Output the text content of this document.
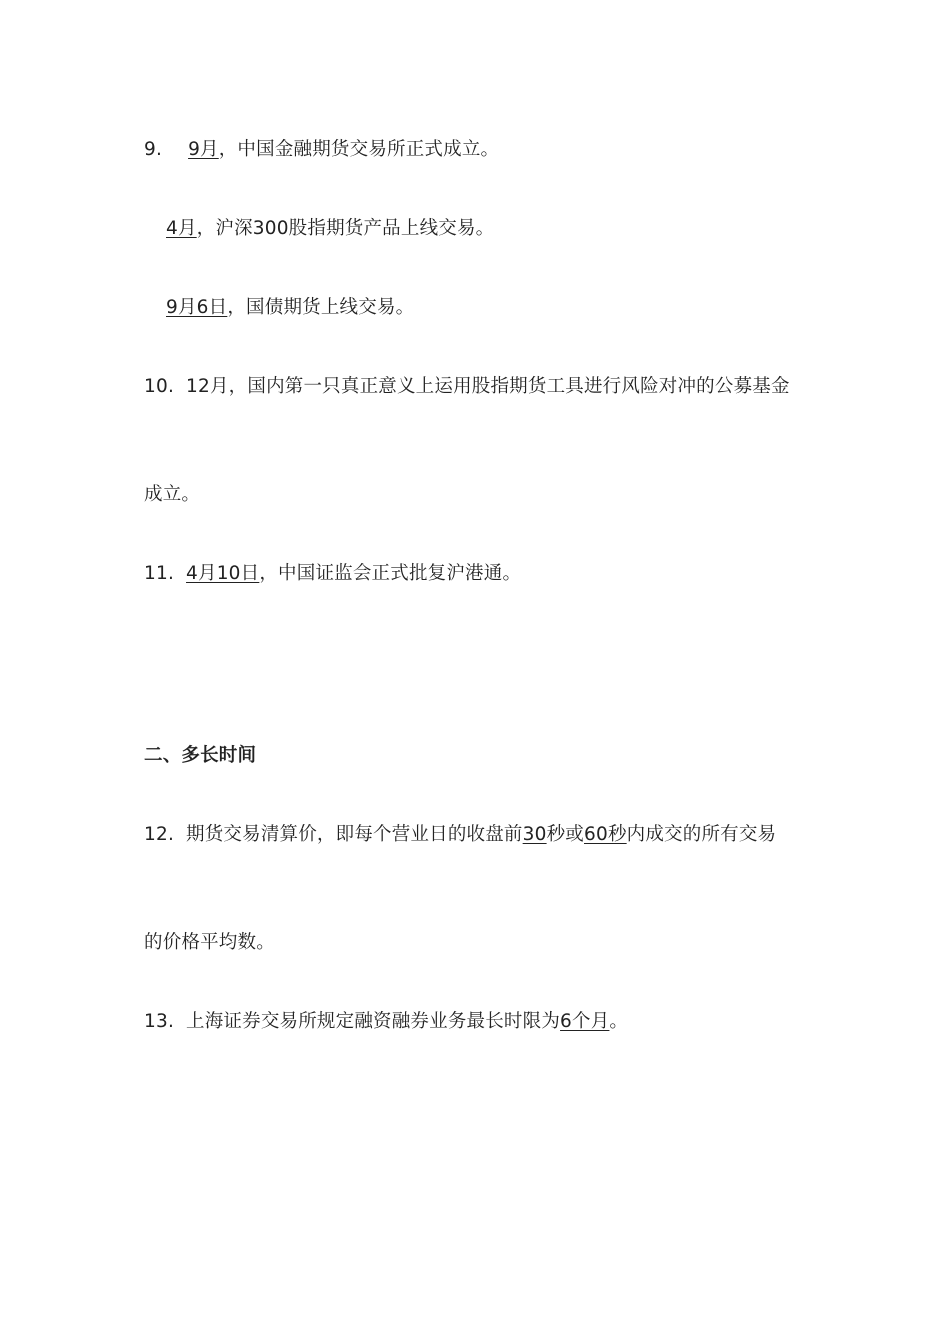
9. 9月，中国金融期货交易所正式成立。
4月，沪深300股指期货产品上线交易。
9月6日，国债期货上线交易。
10. 12月，国内第一只真正意义上运用股指期货工具进行风险对冲的公募基金
成立。
11. 4月10日，中国证监会正式批复沪港通。
二、多长时间
12. 期货交易清算价，即每个营业日的收盘前30秒或60秒内成交的所有交易
的价格平均数。
13. 上海证券交易所规定融资融券业务最长时限为6个月。
